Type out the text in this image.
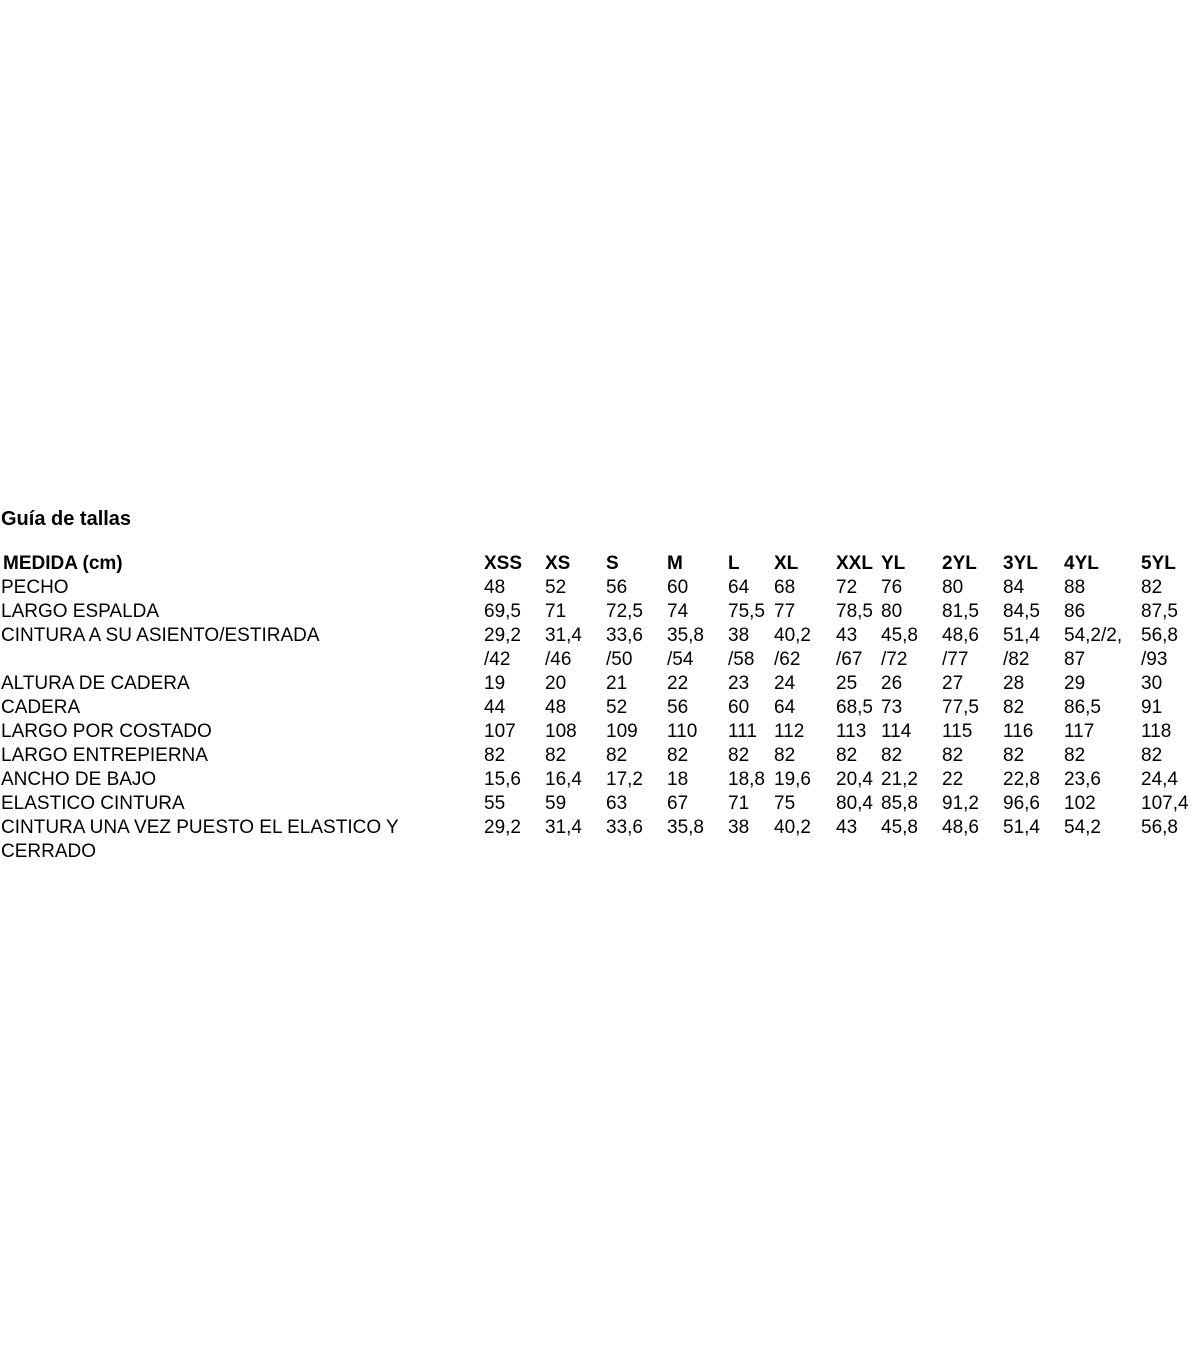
Guía de tallas
MEDIDA (cm)	XSS XS S	M L XL XXL YL 2YL 3YL 4YL 5YL
PECHO	48 52 56 60 64 68 72 76 80 84 88	82
LARGO ESPALDA	69,5 71 72,5 74 75,5 77 78,5 80 81,5 84,5 86	87,5
CINTURA A SU ASIENTO/ESTIRADA	29,2 31,4 33,6 35,8 38 40,2 43 45,8 48,6 51,4 54,2/2, 56,8
/42 /46 /50 /54 /58 /62 /67 /72 /77 /82 87	/93
ALTURA DE CADERA	19 20 21 22 23 24 25 26 27 28 29	30
CADERA	44 48 52 56 60 64 68,5 73 77,5 82 86,5 91
LARGO POR COSTADO	107 108 109 110 111 112 113 114 115 116 117 118
LARGO ENTREPIERNA	82 82 82 82 82 82 82 82 82 82 82	82
ANCHO DE BAJO	15,6 16,4 17,2 18 18,8 19,6 20,4 21,2 22 22,8 23,6 24,4
ELASTICO CINTURA	55 59 63 67 71 75 80,4 85,8 91,2 96,6 102 107,4
CINTURA UNA VEZ PUESTO EL ELASTICO Y	29,2 31,4 33,6 35,8 38 40,2 43 45,8 48,6 51,4 54,2 56,8
CERRADO
